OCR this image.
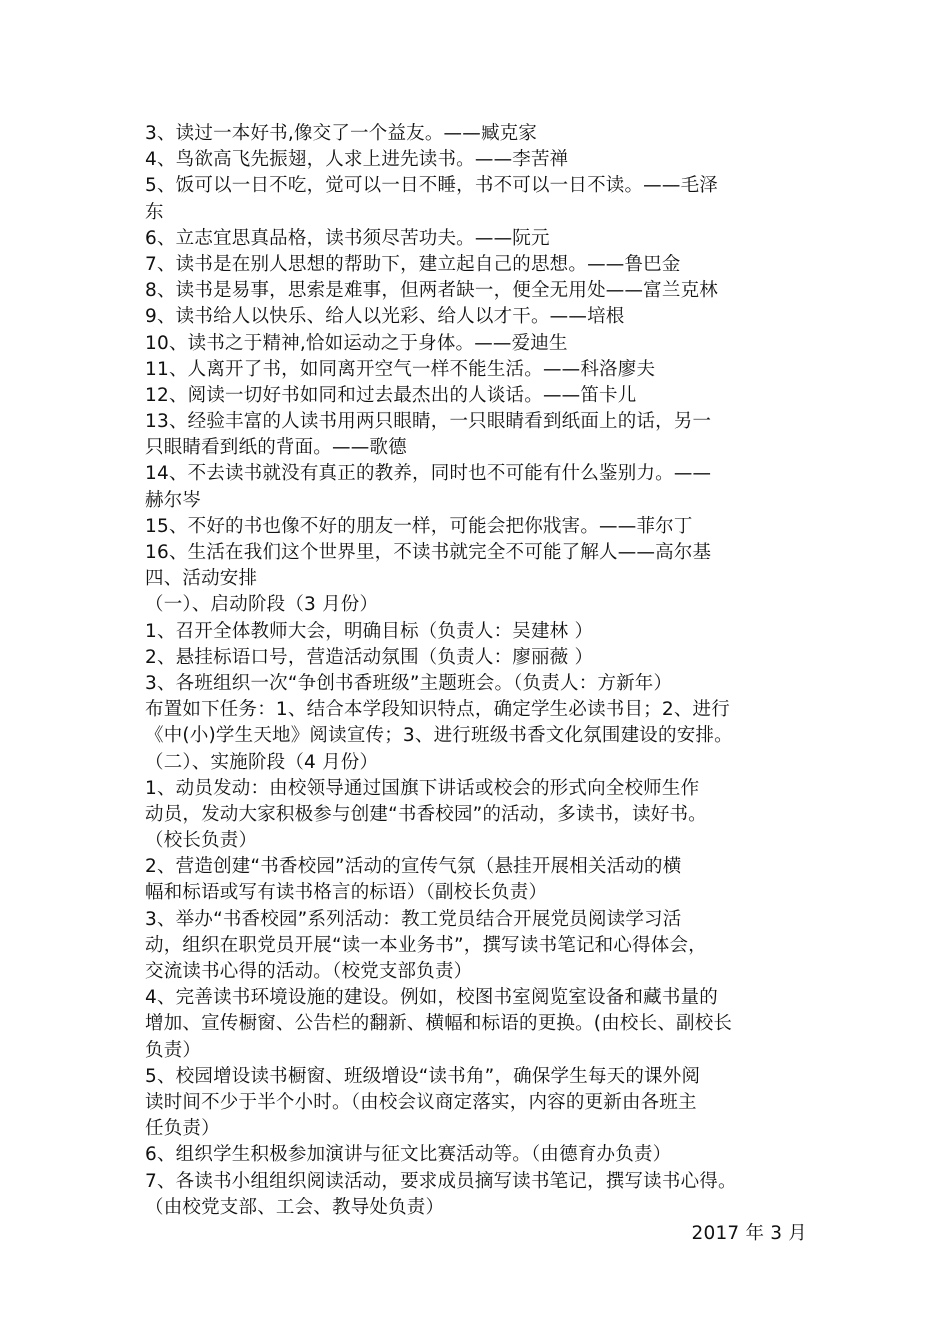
3、读过一本好书,像交了一个益友。——臧克家
4、鸟欲高飞先振翅，人求上进先读书。——李苦禅
5、饭可以一日不吃，觉可以一日不睡，书不可以一日不读。——毛泽
东
6、立志宜思真品格，读书须尽苦功夫。——阮元
7、读书是在别人思想的帮助下，建立起自己的思想。——鲁巴金
8、读书是易事，思索是难事，但两者缺一，便全无用处——富兰克林
9、读书给人以快乐、给人以光彩、给人以才干。——培根
10、读书之于精神,恰如运动之于身体。——爱迪生
11、人离开了书，如同离开空气一样不能生活。——科洛廖夫
12、阅读一切好书如同和过去最杰出的人谈话。——笛卡儿
13、经验丰富的人读书用两只眼睛，一只眼睛看到纸面上的话，另一
只眼睛看到纸的背面。——歌德
14、不去读书就没有真正的教养，同时也不可能有什么鉴别力。——
赫尔岑
15、不好的书也像不好的朋友一样，可能会把你戕害。——菲尔丁
16、生活在我们这个世界里，不读书就完全不可能了解人——高尔基
四、活动安排
（一）、启动阶段（3 月份）
1、召开全体教师大会，明确目标（负责人：吴建林 ）
2、悬挂标语口号，营造活动氛围（负责人：廖丽薇 ）
3、各班组织一次“争创书香班级”主题班会。（负责人：方新年）
布置如下任务：1、结合本学段知识特点，确定学生必读书目；2、进行
《中(小)学生天地》阅读宣传；3、进行班级书香文化氛围建设的安排。
（二）、实施阶段（4 月份）
1、动员发动：由校领导通过国旗下讲话或校会的形式向全校师生作
动员，发动大家积极参与创建“书香校园”的活动，多读书，读好书。
（校长负责）
2、营造创建“书香校园”活动的宣传气氛（悬挂开展相关活动的横
幅和标语或写有读书格言的标语）（副校长负责）
3、举办“书香校园”系列活动：教工党员结合开展党员阅读学习活
动，组织在职党员开展“读一本业务书”，撰写读书笔记和心得体会，
交流读书心得的活动。（校党支部负责）
4、完善读书环境设施的建设。例如，校图书室阅览室设备和藏书量的
增加、宣传橱窗、公告栏的翻新、横幅和标语的更换。(由校长、副校长
负责）
5、校园增设读书橱窗、班级增设“读书角”，确保学生每天的课外阅
读时间不少于半个小时。（由校会议商定落实，内容的更新由各班主
任负责）
6、组织学生积极参加演讲与征文比赛活动等。（由德育办负责）
7、各读书小组组织阅读活动，要求成员摘写读书笔记，撰写读书心得。
（由校党支部、工会、教导处负责）
2017 年 3 月
